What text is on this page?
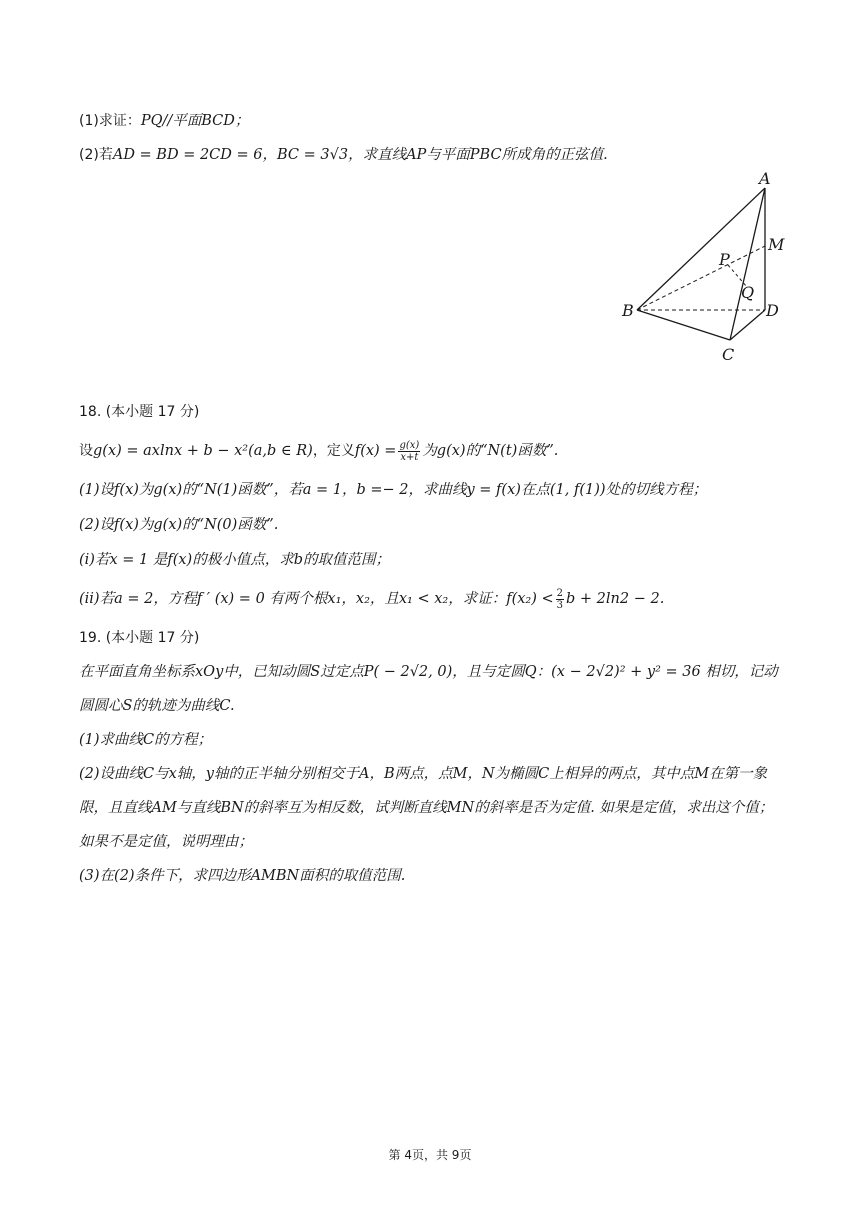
(1)求证：PQ//平面BCD；
(2)若AD = BD = 2CD = 6，BC = 3√3，求直线AP与平面PBC所成角的正弦值.
A
M
P
Q
B	D
C
18. (本小题 17 分)
设g(x) = axlnx + b − x²(a,b ∈ R)，定义$f(x) = \frac{g(x)}{x+t}$ 为g(x)的“N(t)函数”.
(1)设f(x)为g(x)的“N(1)函数”，若a = 1，b =− 2，求曲线y = f(x)在点(1, f(1))处的切线方程；
(2)设f(x)为g(x)的“N(0)函数”.
(i)若x = 1 是f(x)的极小值点，求b的取值范围；
(ii)若a = 2，方程f ′ (x) = 0 有两个根x₁，x₂，且x₁ < x₂，求证：$f(x_2) < \frac{2}{3}$ b + 2ln2 − 2.
19. (本小题 17 分)
在平面直角坐标系xOy中，已知动圆S过定点P( − 2√2, 0)，且与定圆Q：(x − 2√2)² + y² = 36 相切，记动
圆圆心S的轨迹为曲线C.
(1)求曲线C的方程；
(2)设曲线C与x轴，y轴的正半轴分别相交于A，B两点，点M，N为椭圆C上相异的两点，其中点M在第一象
限，且直线AM与直线BN的斜率互为相反数，试判断直线MN的斜率是否为定值. 如果是定值，求出这个值；
如果不是定值，说明理由；
(3)在(2)条件下，求四边形AMBN面积的取值范围.
第 4页，共 9页
